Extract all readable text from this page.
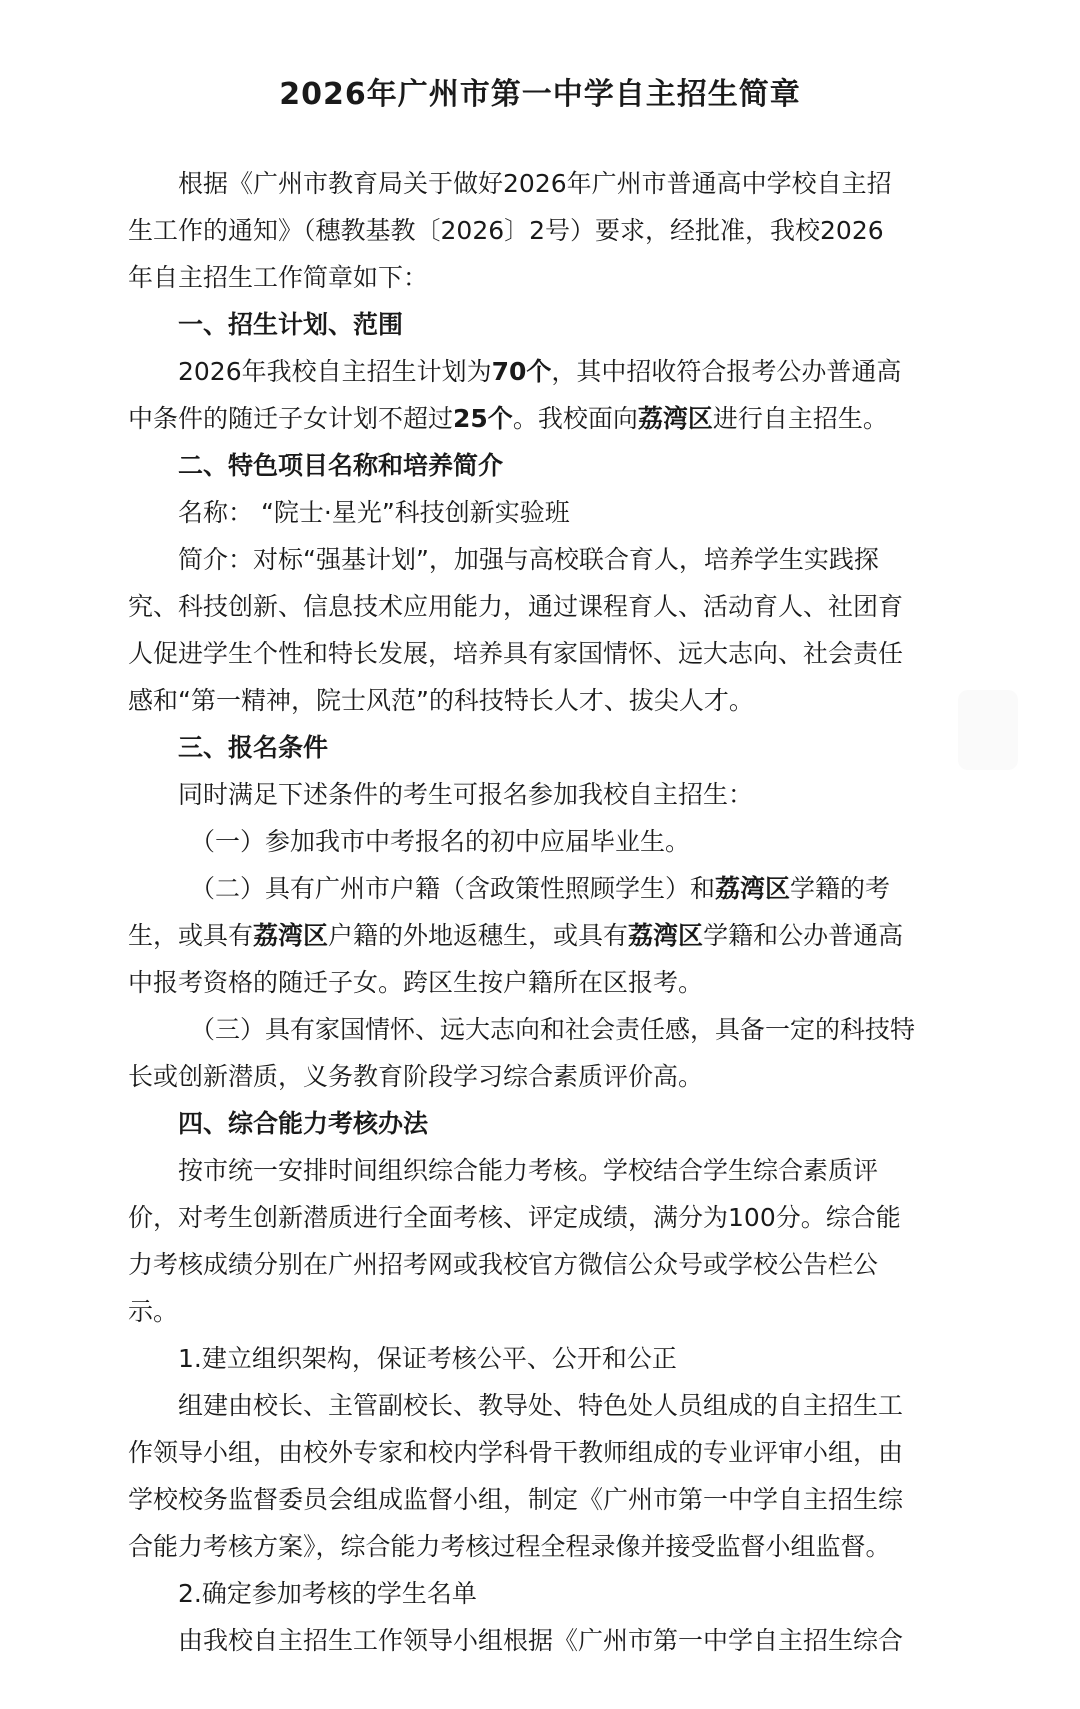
2026年广州市第一中学自主招生简章
根据《广州市教育局关于做好2026年广州市普通高中学校自主招
生工作的通知》（穗教基教〔2026〕2号）要求，经批准，我校2026
年自主招生工作简章如下：
一、招生计划、范围
2026年我校自主招生计划为70个，其中招收符合报考公办普通高
中条件的随迁子女计划不超过25个。我校面向荔湾区进行自主招生。
二、特色项目名称和培养简介
名称： “院士·星光”科技创新实验班
简介：对标“强基计划”，加强与高校联合育人，培养学生实践探
究、科技创新、信息技术应用能力，通过课程育人、活动育人、社团育
人促进学生个性和特长发展，培养具有家国情怀、远大志向、社会责任
感和“第一精神，院士风范”的科技特长人才、拔尖人才。
三、报名条件
同时满足下述条件的考生可报名参加我校自主招生：
（一）参加我市中考报名的初中应届毕业生。
（二）具有广州市户籍（含政策性照顾学生）和荔湾区学籍的考
生，或具有荔湾区户籍的外地返穗生，或具有荔湾区学籍和公办普通高
中报考资格的随迁子女。跨区生按户籍所在区报考。
（三）具有家国情怀、远大志向和社会责任感，具备一定的科技特
长或创新潜质，义务教育阶段学习综合素质评价高。
四、综合能力考核办法
按市统一安排时间组织综合能力考核。学校结合学生综合素质评
价，对考生创新潜质进行全面考核、评定成绩，满分为100分。综合能
力考核成绩分别在广州招考网或我校官方微信公众号或学校公告栏公
示。
1.建立组织架构，保证考核公平、公开和公正
组建由校长、主管副校长、教导处、特色处人员组成的自主招生工
作领导小组，由校外专家和校内学科骨干教师组成的专业评审小组，由
学校校务监督委员会组成监督小组，制定《广州市第一中学自主招生综
合能力考核方案》，综合能力考核过程全程录像并接受监督小组监督。
2.确定参加考核的学生名单
由我校自主招生工作领导小组根据《广州市第一中学自主招生综合
